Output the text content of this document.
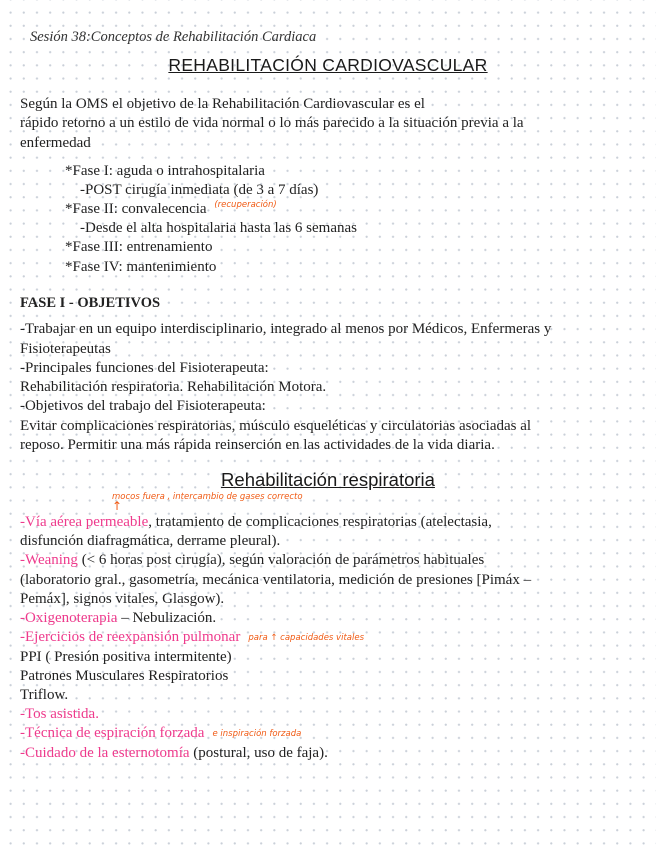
Sesión 38:Conceptos de Rehabilitación Cardiaca
REHABILITACIÓN CARDIOVASCULAR
Según la OMS el objetivo de la Rehabilitación Cardiovascular es el
rápido retorno a un estilo de vida normal o lo más parecido a la situación previa a la
enfermedad
*Fase I: aguda o intrahospitalaria
-POST cirugía inmediata (de 3 a 7 días)
*Fase II: convalecencia $^{(recuperación)}$
-Desde el alta hospitalaria hasta las 6 semanas
*Fase III: entrenamiento
*Fase IV: mantenimiento
FASE I - OBJETIVOS
-Trabajar en un equipo interdisciplinario, integrado al menos por Médicos, Enfermeras y
Fisioterapeutas
-Principales funciones del Fisioterapeuta:
Rehabilitación respiratoria. Rehabilitación Motora.
-Objetivos del trabajo del Fisioterapeuta:
Evitar complicaciones respiratorias, músculo esqueléticas y circulatorias asociadas al
reposo. Permitir una más rápida reinserción en las actividades de la vida diaria.
Rehabilitación respiratoria
mocos fuera , intercambio de gases correcto
↑
-Vía aérea permeable, tratamiento de complicaciones respiratorias (atelectasia,
disfunción diafragmática, derrame pleural).
-Weaning (< 6 horas post cirugía), según valoración de parámetros habituales
(laboratorio gral., gasometría, mecánica ventilatoria, medición de presiones [Pimáx –
Pemáx], signos vitales, Glasgow).
-Oxigenoterapia – Nebulización.
-Ejercicios de reexpansión pulmonar para ↑ capacidades vitales
PPI ( Presión positiva intermitente)
Patrones Musculares Respiratorios
Triflow.
-Tos asistida.
-Técnica de espiración forzada e inspiración forzada
-Cuidado de la esternotomía (postural, uso de faja).
